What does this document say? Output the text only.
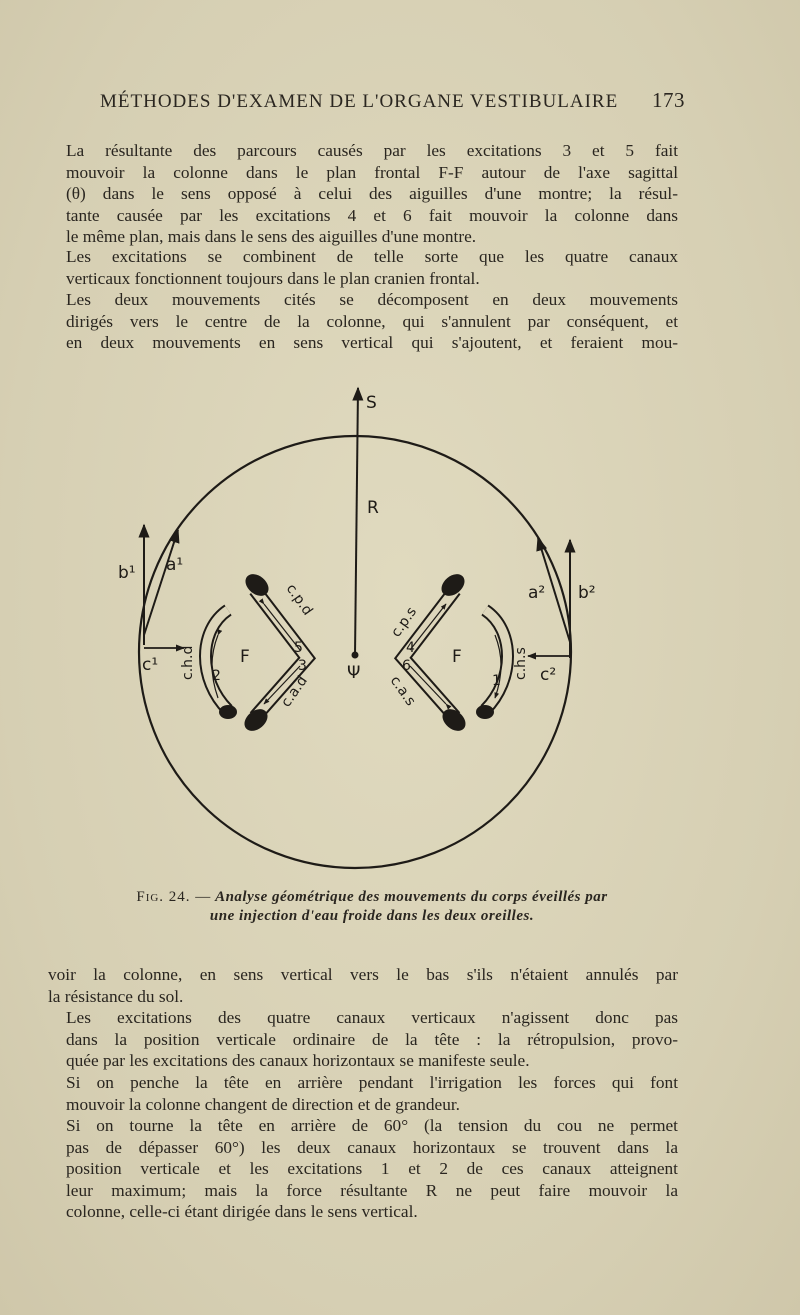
MÉTHODES D'EXAMEN DE L'ORGANE VESTIBULAIRE 173
La résultante des parcours causés par les excitations 3 et 5 fait
mouvoir la colonne dans le plan frontal F-F autour de l'axe sagittal
(θ) dans le sens opposé à celui des aiguilles d'une montre; la résul-
tante causée par les excitations 4 et 6 fait mouvoir la colonne dans
le même plan, mais dans le sens des aiguilles d'une montre.
Les excitations se combinent de telle sorte que les quatre canaux
verticaux fonctionnent toujours dans le plan cranien frontal.
Les deux mouvements cités se décomposent en deux mouvements
dirigés vers le centre de la colonne, qui s'annulent par conséquent, et
en deux mouvements en sens vertical qui s'ajoutent, et feraient mou-
S
R
Ψ
b¹ a¹
c¹
a² b²
c²
F
2
5
3
c.h.d
c.p.d
c.a.d
F
1
4
6	c.h.s
c.p.s
c.a.s
Fig. 24. — Analyse géométrique des mouvements du corps éveillés par
une injection d'eau froide dans les deux oreilles.
voir la colonne, en sens vertical vers le bas s'ils n'étaient annulés par
la résistance du sol.
Les excitations des quatre canaux verticaux n'agissent donc pas
dans la position verticale ordinaire de la tête : la rétropulsion, provo-
quée par les excitations des canaux horizontaux se manifeste seule.
Si on penche la tête en arrière pendant l'irrigation les forces qui font
mouvoir la colonne changent de direction et de grandeur.
Si on tourne la tête en arrière de 60° (la tension du cou ne permet
pas de dépasser 60°) les deux canaux horizontaux se trouvent dans la
position verticale et les excitations 1 et 2 de ces canaux atteignent
leur maximum; mais la force résultante R ne peut faire mouvoir la
colonne, celle-ci étant dirigée dans le sens vertical.
